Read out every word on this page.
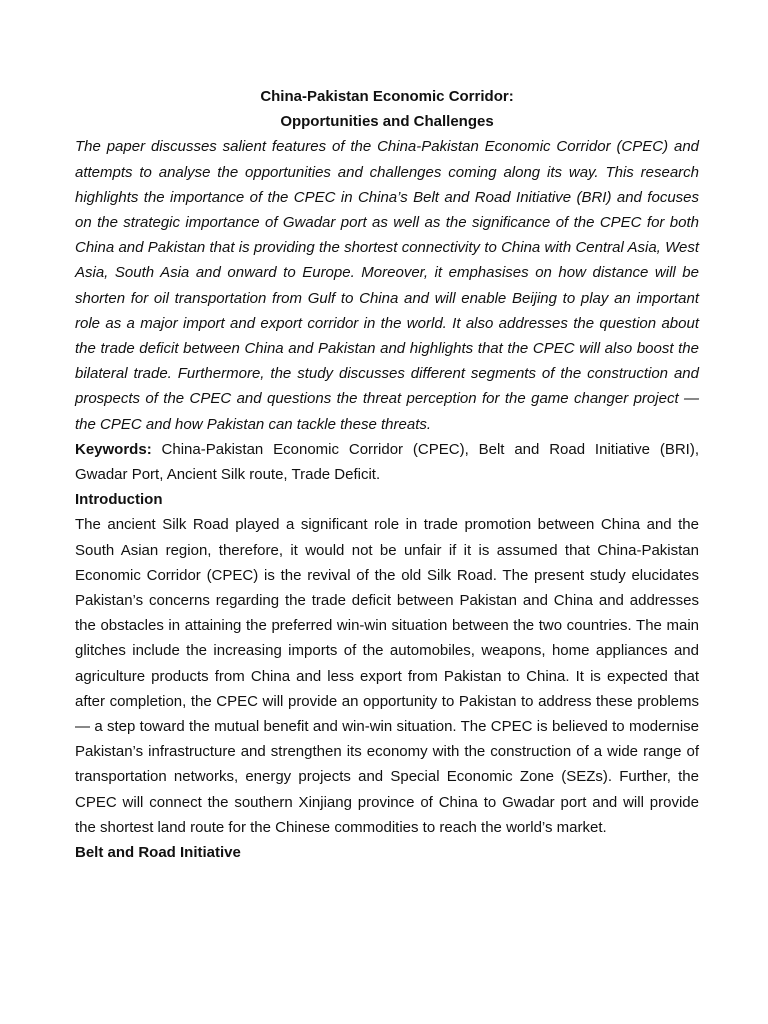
China-Pakistan Economic Corridor:

Opportunities and Challenges

The paper discusses salient features of the China-Pakistan Economic Corridor (CPEC) and attempts to analyse the opportunities and challenges coming along its way. This research highlights the importance of the CPEC in China’s Belt and Road Initiative (BRI) and focuses on the strategic importance of Gwadar port as well as the significance of the CPEC for both China and Pakistan that is providing the shortest connectivity to China with Central Asia, West Asia, South Asia and onward to Europe. Moreover, it emphasises on how distance will be shorten for oil transportation from Gulf to China and will enable Beijing to play an important role as a major import and export corridor in the world. It also addresses the question about the trade deficit between China and Pakistan and highlights that the CPEC will also boost the bilateral trade. Furthermore, the study discusses different segments of the construction and prospects of the CPEC and questions the threat perception for the game changer project — the CPEC and how Pakistan can tackle these threats.

Keywords: China-Pakistan Economic Corridor (CPEC), Belt and Road Initiative (BRI), Gwadar Port, Ancient Silk route, Trade Deficit.

Introduction

The ancient Silk Road played a significant role in trade promotion between China and the South Asian region, therefore, it would not be unfair if it is assumed that China-Pakistan Economic Corridor (CPEC) is the revival of the old Silk Road. The present study elucidates Pakistan’s concerns regarding the trade deficit between Pakistan and China and addresses the obstacles in attaining the preferred win-win situation between the two countries. The main glitches include the increasing imports of the automobiles, weapons, home appliances and agriculture products from China and less export from Pakistan to China. It is expected that after completion, the CPEC will provide an opportunity to Pakistan to address these problems — a step toward the mutual benefit and win-win situation. The CPEC is believed to modernise Pakistan’s infrastructure and strengthen its economy with the construction of a wide range of transportation networks, energy projects and Special Economic Zone (SEZs). Further, the CPEC will connect the southern Xinjiang province of China to Gwadar port and will provide the shortest land route for the Chinese commodities to reach the world’s market.

Belt and Road Initiative
